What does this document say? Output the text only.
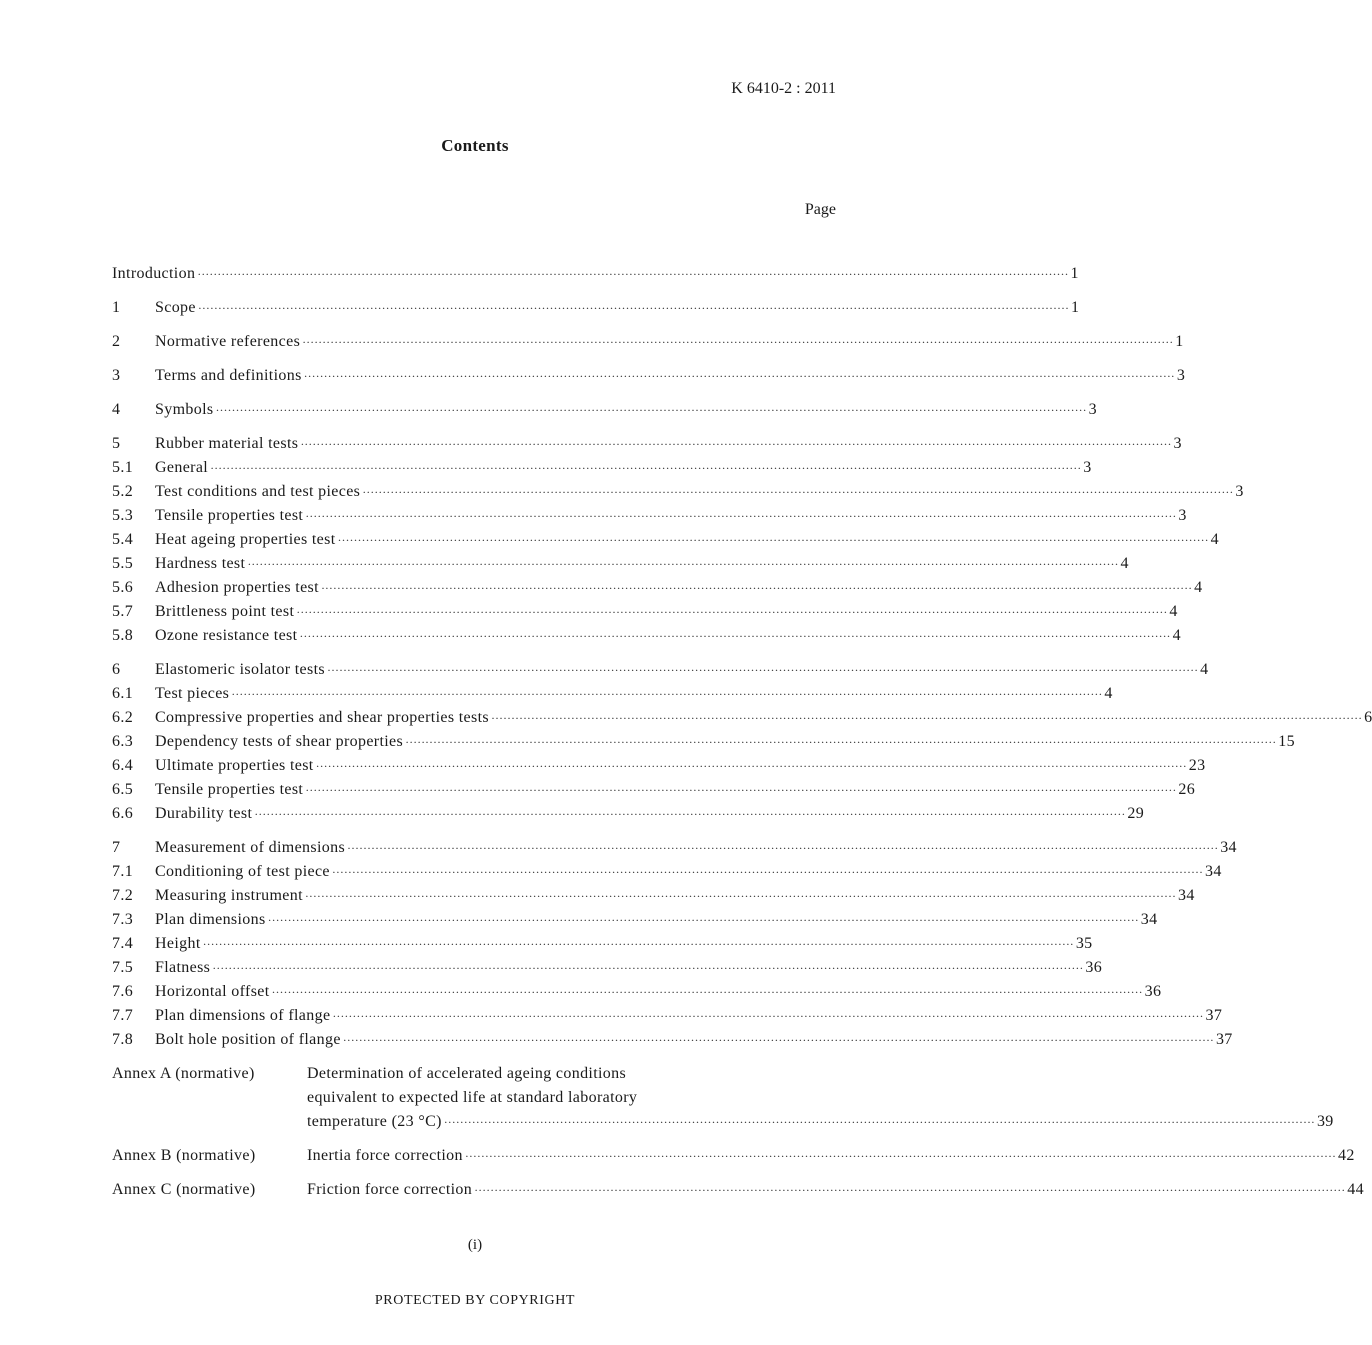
K 6410-2 : 2011
Contents
Page
Introduction ·····	1
1	Scope ·····	1
2	Normative references ·····	1
3	Terms and definitions ·····	3
4	Symbols ·····	3
5	Rubber material tests ·····	3
5.1	General ·····	3
5.2	Test conditions and test pieces ·····	3
5.3	Tensile properties test ·····	3
5.4	Heat ageing properties test ·····	4
5.5	Hardness test ·····	4
5.6	Adhesion properties test ·····	4
5.7	Brittleness point test ·····	4
5.8	Ozone resistance test ·····	4
6	Elastomeric isolator tests ·····	4
6.1	Test pieces ·····	4
6.2	Compressive properties and shear properties tests ·····	6
6.3	Dependency tests of shear properties ·····	15
6.4	Ultimate properties test ·····	23
6.5	Tensile properties test ·····	26
6.6	Durability test ·····	29
7	Measurement of dimensions ·····	34
7.1	Conditioning of test piece ·····	34
7.2	Measuring instrument ·····	34
7.3	Plan dimensions ·····	34
7.4	Height ·····	35
7.5	Flatness ·····	36
7.6	Horizontal offset ·····	36
7.7	Plan dimensions of flange ·····	37
7.8	Bolt hole position of flange ·····	37
Annex A (normative)	Determination of accelerated ageing conditions
equivalent to expected life at standard laboratory
temperature (23 °C) ·····	39
Annex B (normative)	Inertia force correction ·····	42
Annex C (normative)	Friction force correction ·····	44
(i)
PROTECTED BY COPYRIGHT
